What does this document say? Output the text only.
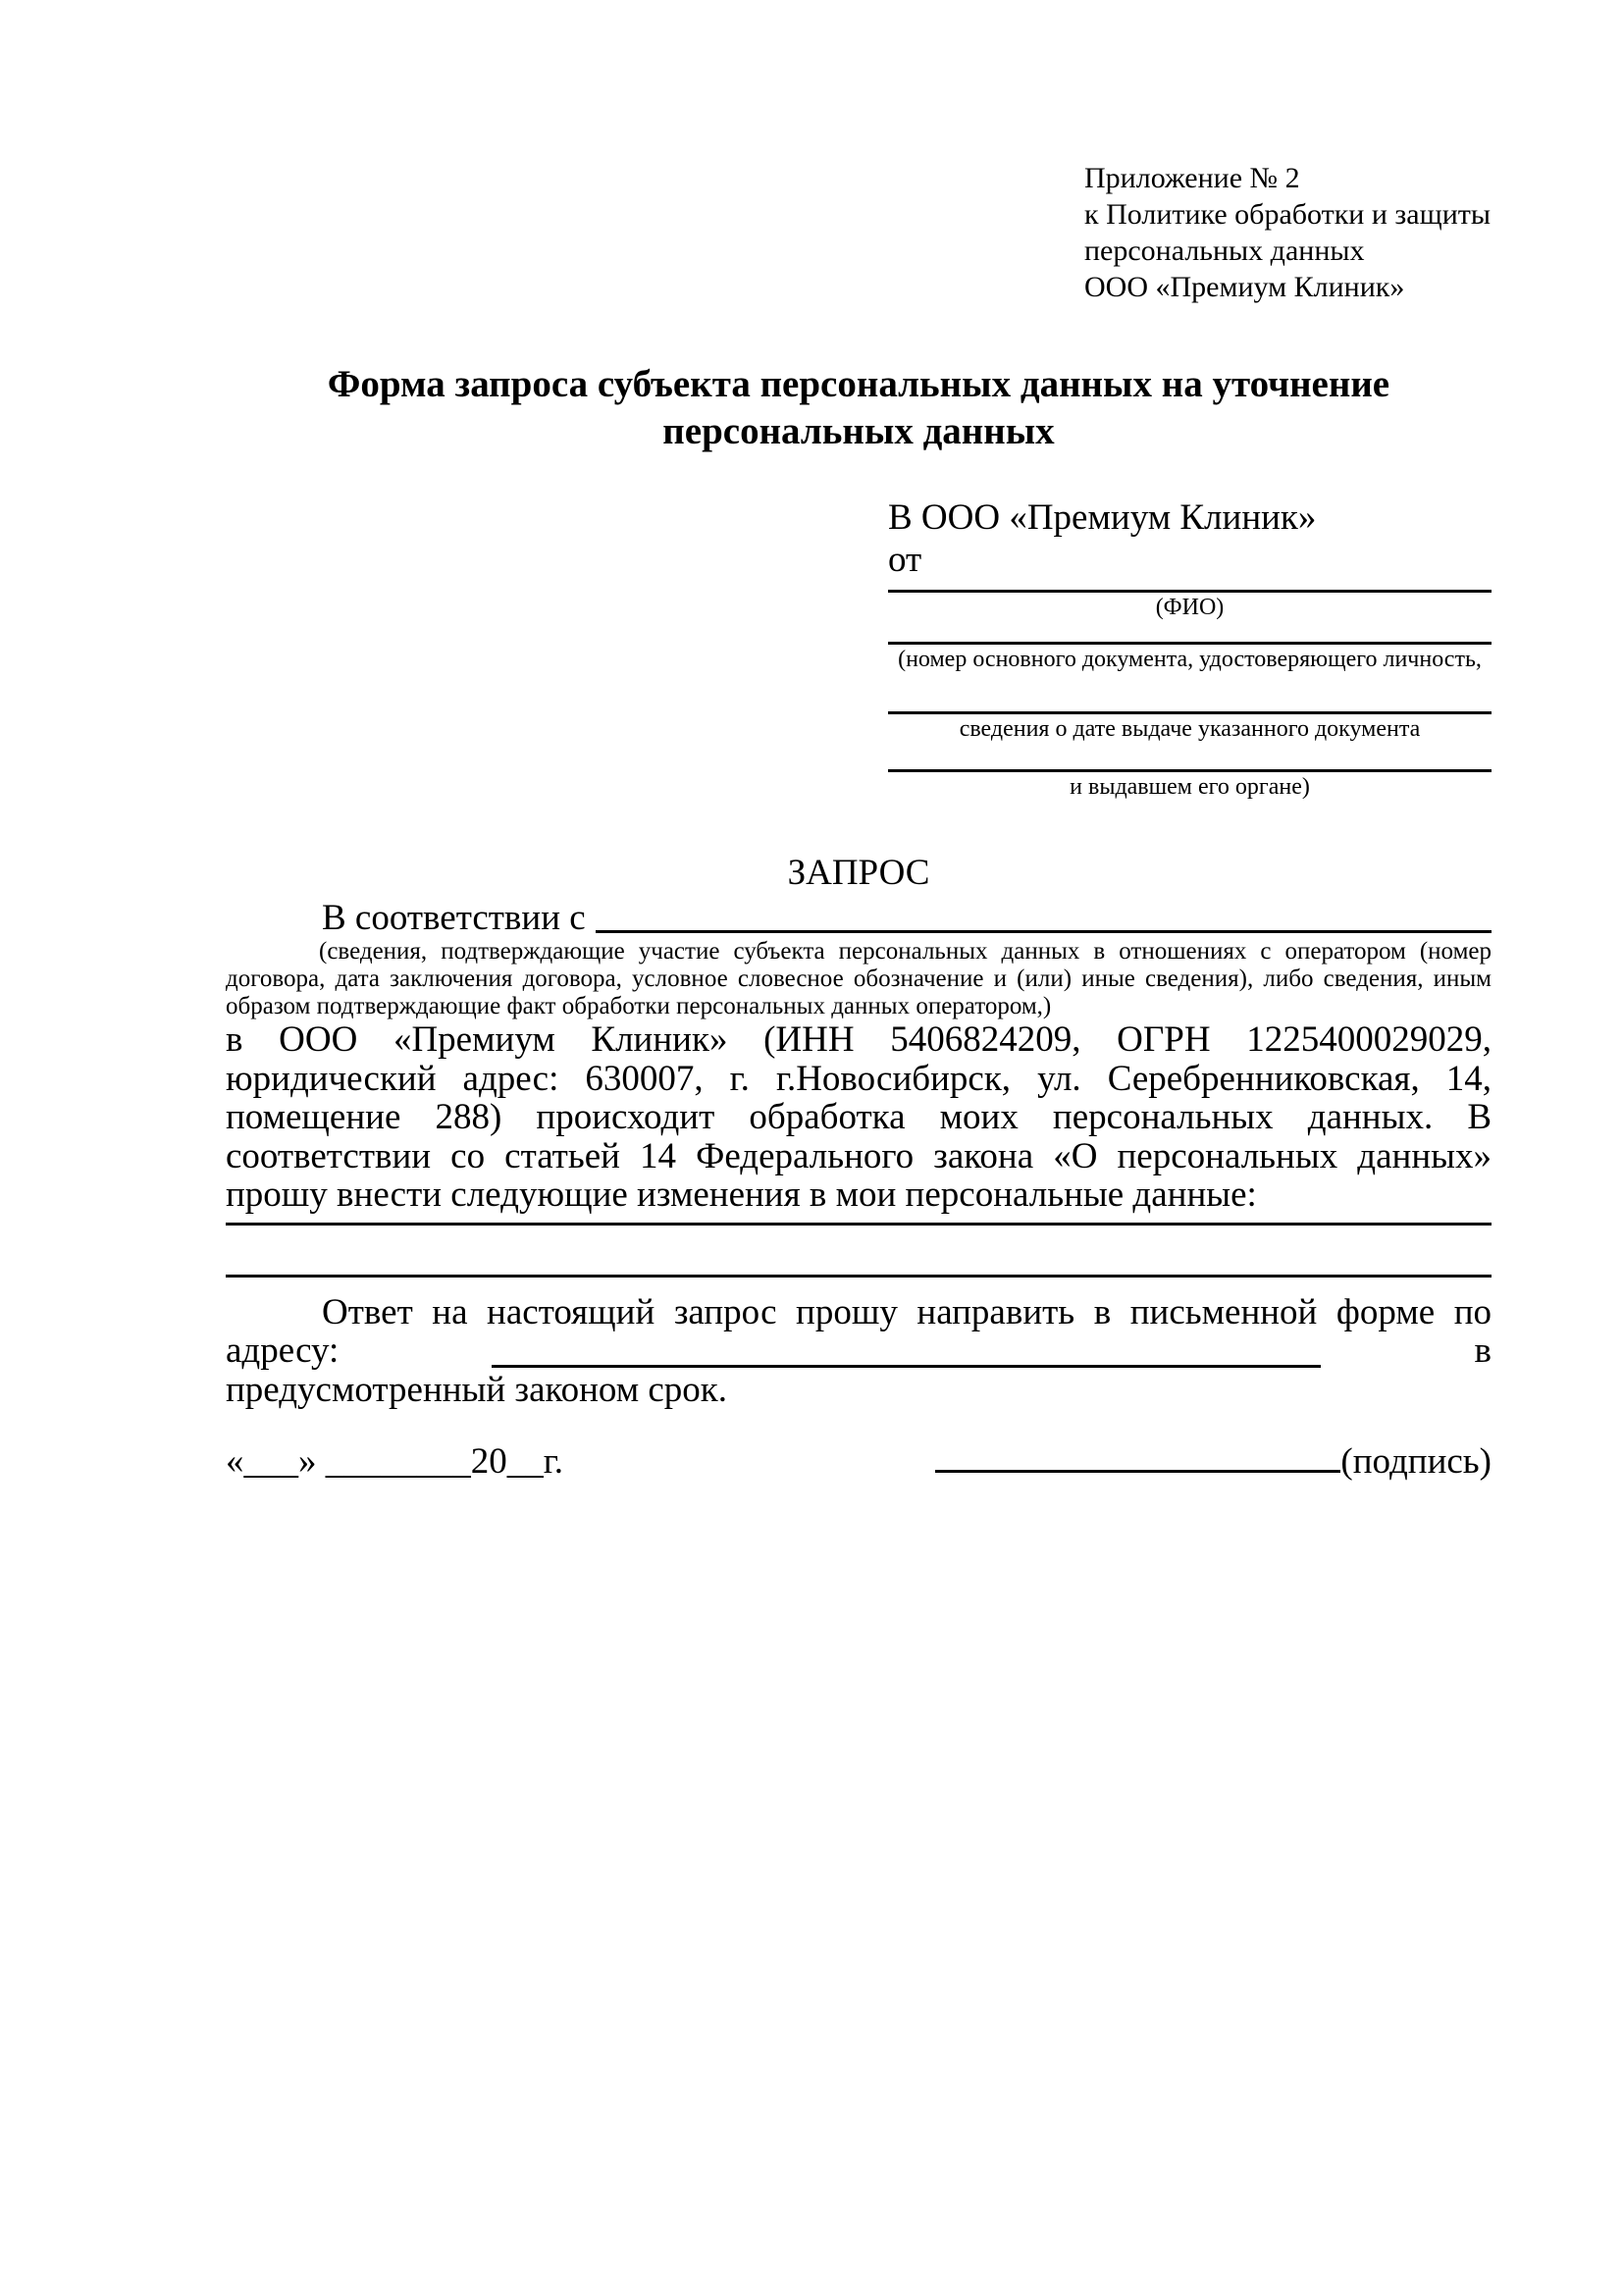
Приложение № 2
к Политике обработки и защиты
персональных данных
ООО «Премиум Клиник»
Форма запроса субъекта персональных данных на уточнение персональных данных
В ООО «Премиум Клиник»
от
(ФИО)
(номер основного документа, удостоверяющего личность,
сведения о дате выдаче указанного документа
и выдавшем его органе)
ЗАПРОС
В соответствии с
(сведения, подтверждающие участие субъекта персональных данных в отношениях с оператором (номер договора, дата заключения договора, условное словесное обозначение и (или) иные сведения), либо сведения, иным образом подтверждающие факт обработки персональных данных оператором,)
в ООО «Премиум Клиник» (ИНН 5406824209, ОГРН 1225400029029, юридический адрес: 630007, г. г.Новосибирск, ул. Серебренниковская, 14, помещение 288) происходит обработка моих персональных данных. В соответствии со статьей 14 Федерального закона «О персональных данных» прошу внести следующие изменения в мои персональные данные:
Ответ на настоящий запрос прошу направить в письменной форме по адресу:	в предусмотренный законом срок.
«___» ________20__г.	(подпись)
